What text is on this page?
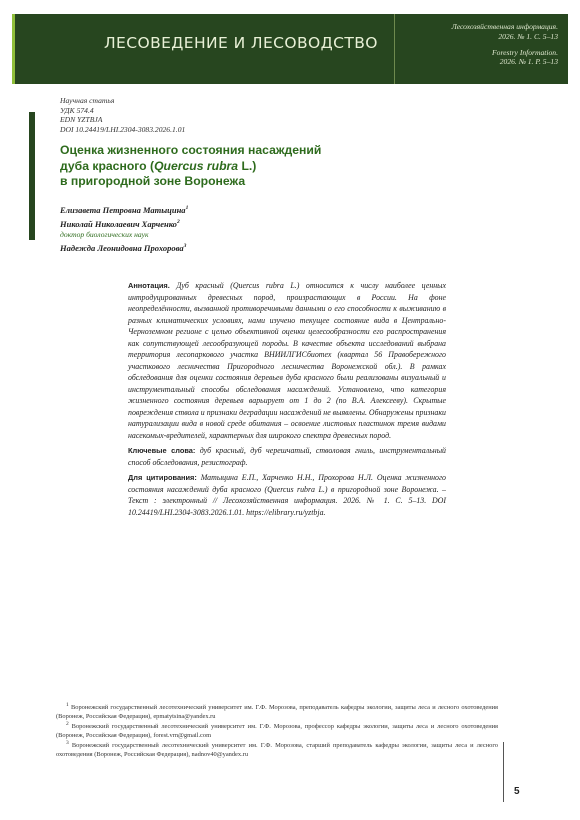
ЛЕСОВЕДЕНИЕ И ЛЕСОВОДСТВО
Лесохозяйственная информация.
2026. № 1. С. 5–13
Forestry Information.
2026. № 1. P. 5–13
Научная статья
УДК 574.4
EDN YZTBJA
DOI 10.24419/LHI.2304-3083.2026.1.01
Оценка жизненного состояния насаждений
дуба красного (Quercus rubra L.)
в пригородной зоне Воронежа
Елизавета Петровна Матыцина$^1$
Николай Николаевич Харченко$^2$
доктор биологических наук
Надежда Леонидовна Прохорова$^3$

Аннотация. Дуб красный (Quercus rubra L.) относится к числу наиболее ценных интродуцированных древесных пород, произрастающих в России. На фоне неопределённости, вызванной противоречивыми данными о его способности к выживанию в разных климатических условиях, нами изучено текущее состояние вида в Центрально-Черноземном регионе с целью объективной оценки целесообразности его распространения как сопутствующей лесообразующей породы. В качестве объекта исследований выбрана территория лесопаркового участка ВНИИЛГИСбиотех (квартал 56 Правобережного участкового лесничества Пригородного лесничества Воронежской обл.). В рамках обследования для оценки состояния деревьев дуба красного были реализованы визуальный и инструментальный способы обследования насаждений. Установлено, что категория жизненного состояния деревьев варьирует от 1 до 2 (по В.А. Алексееву). Скрытые повреждения ствола и признаки деградации насаждений не выявлены. Обнаружены признаки натурализации вида в новой среде обитания – освоение листовых пластинок тремя видами насекомых-вредителей, характерных для широкого спектра древесных пород.

Ключевые слова: дуб красный, дуб черешчатый, стволовая гниль, инструментальный способ обследования, резистограф.

Для цитирования: Матыцина Е.П., Харченко Н.Н., Прохорова Н.Л. Оценка жизненного состояния насаждений дуба красного (Quercus rubra L.) в пригородной зоне Воронежа. – Текст : электронный // Лесохозяйственная информация. 2026. № 1. С. 5–13. DOI 10.24419/LHI.2304-3083.2026.1.01. https://elibrary.ru/yztbja.

$^1$ Воронежский государственный лесотехнический университет им. Г.Ф. Морозова, преподаватель кафедры экологии, защиты леса и лесного охотоведения (Воронеж, Российская Федерация), epmatytsina@yandex.ru

$^2$ Воронежский государственный лесотехнический университет им. Г.Ф. Морозова, профессор кафедры экологии, защиты леса и лесного охотоведения (Воронеж, Российская Федерация), forest.vrn@gmail.com

$^3$ Воронежский государственный лесотехнический университет им. Г.Ф. Морозова, старший преподаватель кафедры экологии, защиты леса и лесного охотоведения (Воронеж, Российская Федерация), nadnov40@yandex.ru

5
